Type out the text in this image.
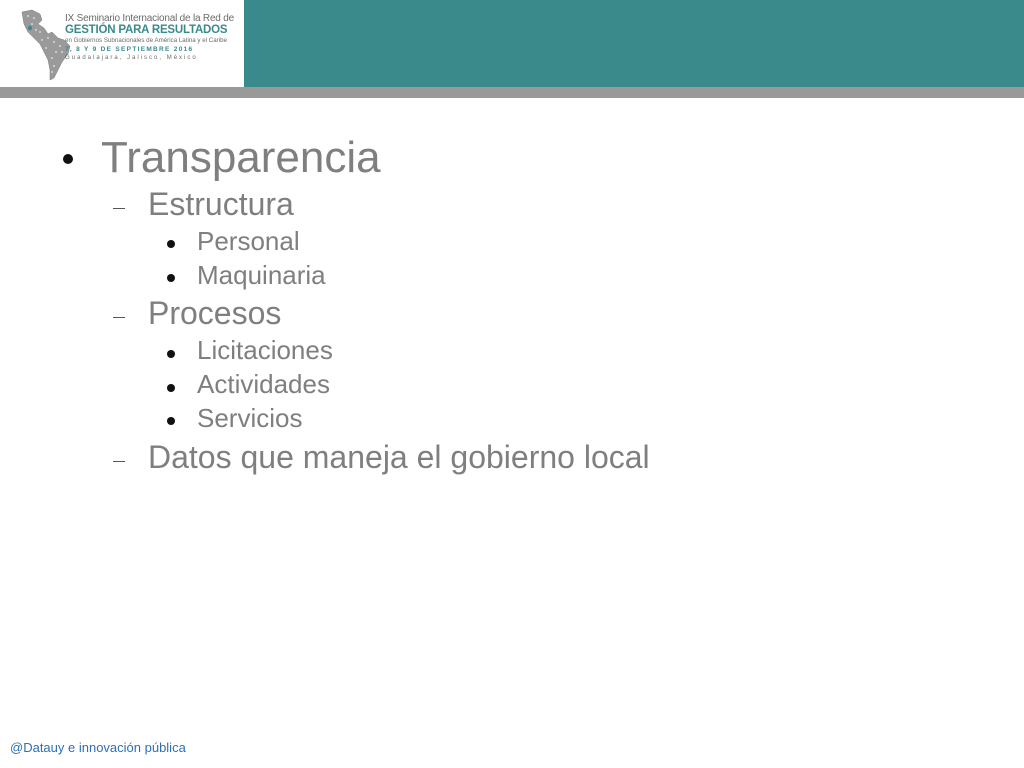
IX Seminario Internacional de la Red de
GESTIÓN PARA RESULTADOS
en Gobiernos Subnacionales de América Latina y el Caribe
7, 8 Y 9 DE SEPTIEMBRE 2016
Guadalajara, Jalisco, México
Transparencia
Estructura
Personal
Maquinaria
Procesos
Licitaciones
Actividades
Servicios
Datos que maneja el gobierno local
@Datauy e innovación pública
